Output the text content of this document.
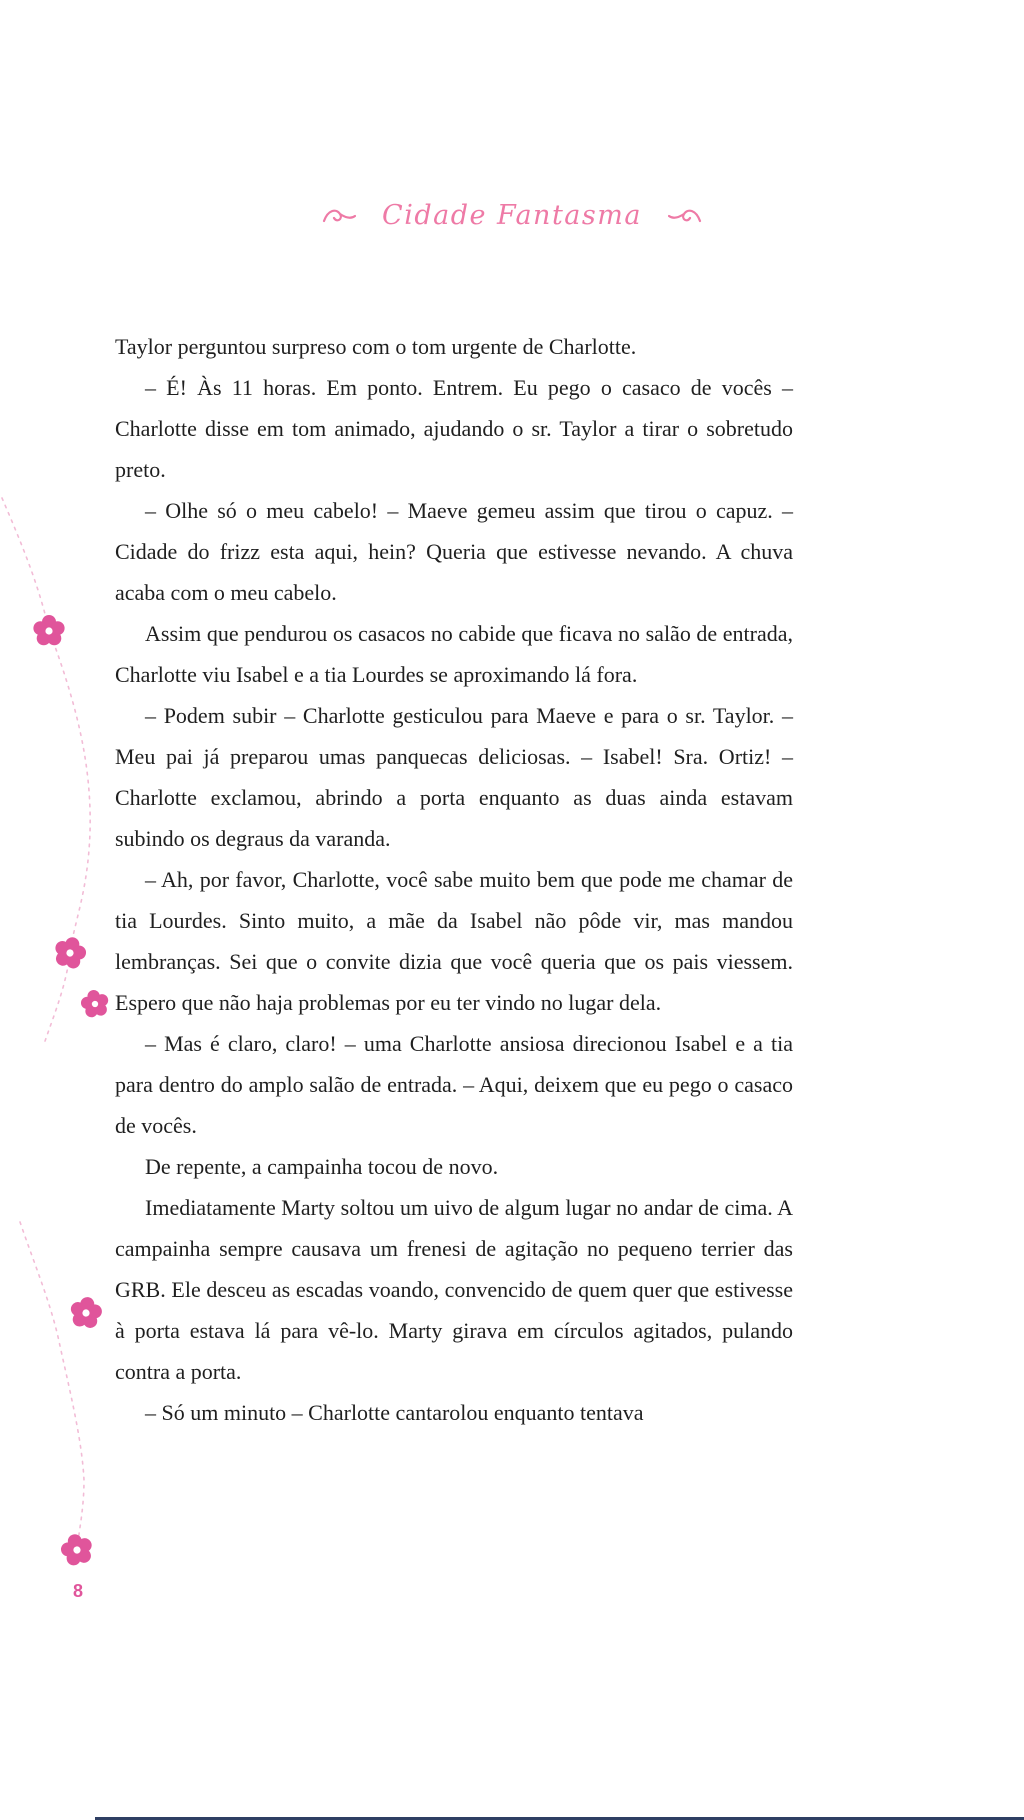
Cidade Fantasma

Taylor perguntou surpreso com o tom urgente de Charlotte.

– É! Às 11 horas. Em ponto. Entrem. Eu pego o casaco de vocês – Charlotte disse em tom animado, ajudando o sr. Taylor a tirar o sobretudo preto.

– Olhe só o meu cabelo! – Maeve gemeu assim que tirou o capuz. – Cidade do frizz esta aqui, hein? Queria que estivesse nevando. A chuva acaba com o meu cabelo.

Assim que pendurou os casacos no cabide que ficava no salão de entrada, Charlotte viu Isabel e a tia Lourdes se aproximando lá fora.

– Podem subir – Charlotte gesticulou para Maeve e para o sr. Taylor. – Meu pai já preparou umas panquecas deliciosas. – Isabel! Sra. Ortiz! – Charlotte exclamou, abrindo a porta enquanto as duas ainda estavam subindo os degraus da varanda.

– Ah, por favor, Charlotte, você sabe muito bem que pode me chamar de tia Lourdes. Sinto muito, a mãe da Isabel não pôde vir, mas mandou lembranças. Sei que o convite dizia que você queria que os pais viessem. Espero que não haja problemas por eu ter vindo no lugar dela.

– Mas é claro, claro! – uma Charlotte ansiosa direcionou Isabel e a tia para dentro do amplo salão de entrada. – Aqui, deixem que eu pego o casaco de vocês.

De repente, a campainha tocou de novo.

Imediatamente Marty soltou um uivo de algum lugar no andar de cima. A campainha sempre causava um frenesi de agitação no pequeno terrier das GRB. Ele desceu as escadas voando, convencido de quem quer que estivesse à porta estava lá para vê-lo. Marty girava em círculos agitados, pulando contra a porta.

– Só um minuto – Charlotte cantarolou enquanto tentava

8
